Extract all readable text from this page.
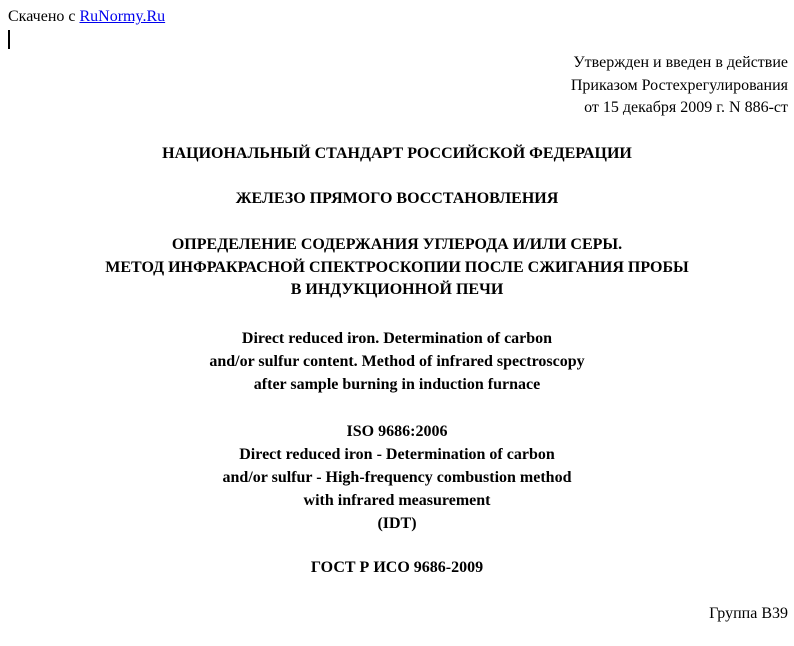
Скачено с RuNormy.Ru
Утвержден и введен в действие
Приказом Ростехрегулирования
от 15 декабря 2009 г. N 886-ст
НАЦИОНАЛЬНЫЙ СТАНДАРТ РОССИЙСКОЙ ФЕДЕРАЦИИ
ЖЕЛЕЗО ПРЯМОГО ВОССТАНОВЛЕНИЯ
ОПРЕДЕЛЕНИЕ СОДЕРЖАНИЯ УГЛЕРОДА И/ИЛИ СЕРЫ.
МЕТОД ИНФРАКРАСНОЙ СПЕКТРОСКОПИИ ПОСЛЕ СЖИГАНИЯ ПРОБЫ
В ИНДУКЦИОННОЙ ПЕЧИ
Direct reduced iron. Determination of carbon
and/or sulfur content. Method of infrared spectroscopy
after sample burning in induction furnace
ISO 9686:2006
Direct reduced iron - Determination of carbon
and/or sulfur - High-frequency combustion method
with infrared measurement
(IDT)
ГОСТ Р ИСО 9686-2009
Группа В39
